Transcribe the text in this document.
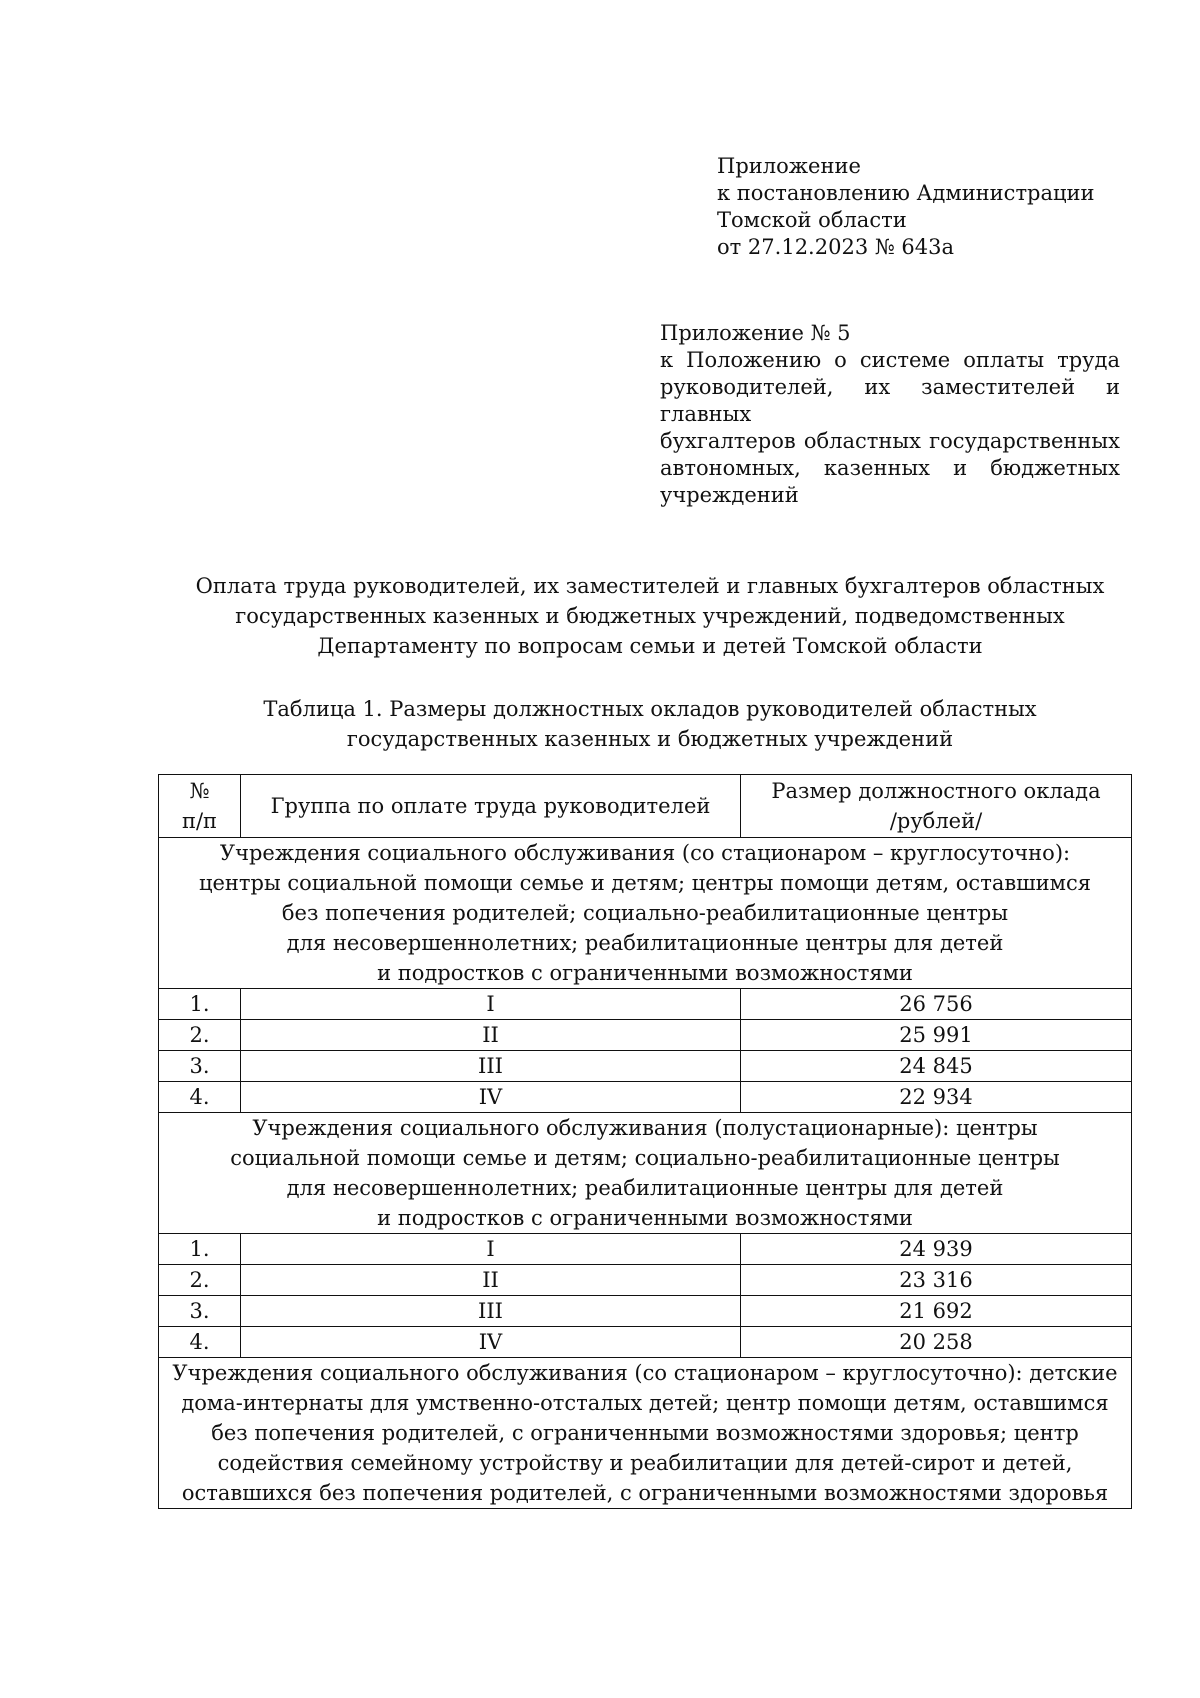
Приложение
к постановлению Администрации
Томской области
от 27.12.2023 № 643а
Приложение № 5
к Положению о системе оплаты труда
руководителей, их заместителей и главных
бухгалтеров областных государственных
автономных, казенных и бюджетных
учреждений
Оплата труда руководителей, их заместителей и главных бухгалтеров областных
государственных казенных и бюджетных учреждений, подведомственных
Департаменту по вопросам семьи и детей Томской области
Таблица 1. Размеры должностных окладов руководителей областных
государственных казенных и бюджетных учреждений
№
п/п	Группа по оплате труда руководителей	Размер должностного оклада
/рублей/

Учреждения социального обслуживания (со стационаром – круглосуточно):
центры социальной помощи семье и детям; центры помощи детям, оставшимся
без попечения родителей; социально-реабилитационные центры
для несовершеннолетних; реабилитационные центры для детей
и подростков с ограниченными возможностями		

1.	I	26 756
2.	II	25 991
3.	III	24 845
4.	IV	22 934

Учреждения социального обслуживания (полустационарные): центры
социальной помощи семье и детям; социально-реабилитационные центры
для несовершеннолетних; реабилитационные центры для детей
и подростков с ограниченными возможностями		

1.	I	24 939
2.	II	23 316
3.	III	21 692
4.	IV	20 258

Учреждения социального обслуживания (со стационаром – круглосуточно): детские
дома-интернаты для умственно-отсталых детей; центр помощи детям, оставшимся
без попечения родителей, с ограниченными возможностями здоровья; центр
содействия семейному устройству и реабилитации для детей-сирот и детей,
оставшихся без попечения родителей, с ограниченными возможностями здоровья		
